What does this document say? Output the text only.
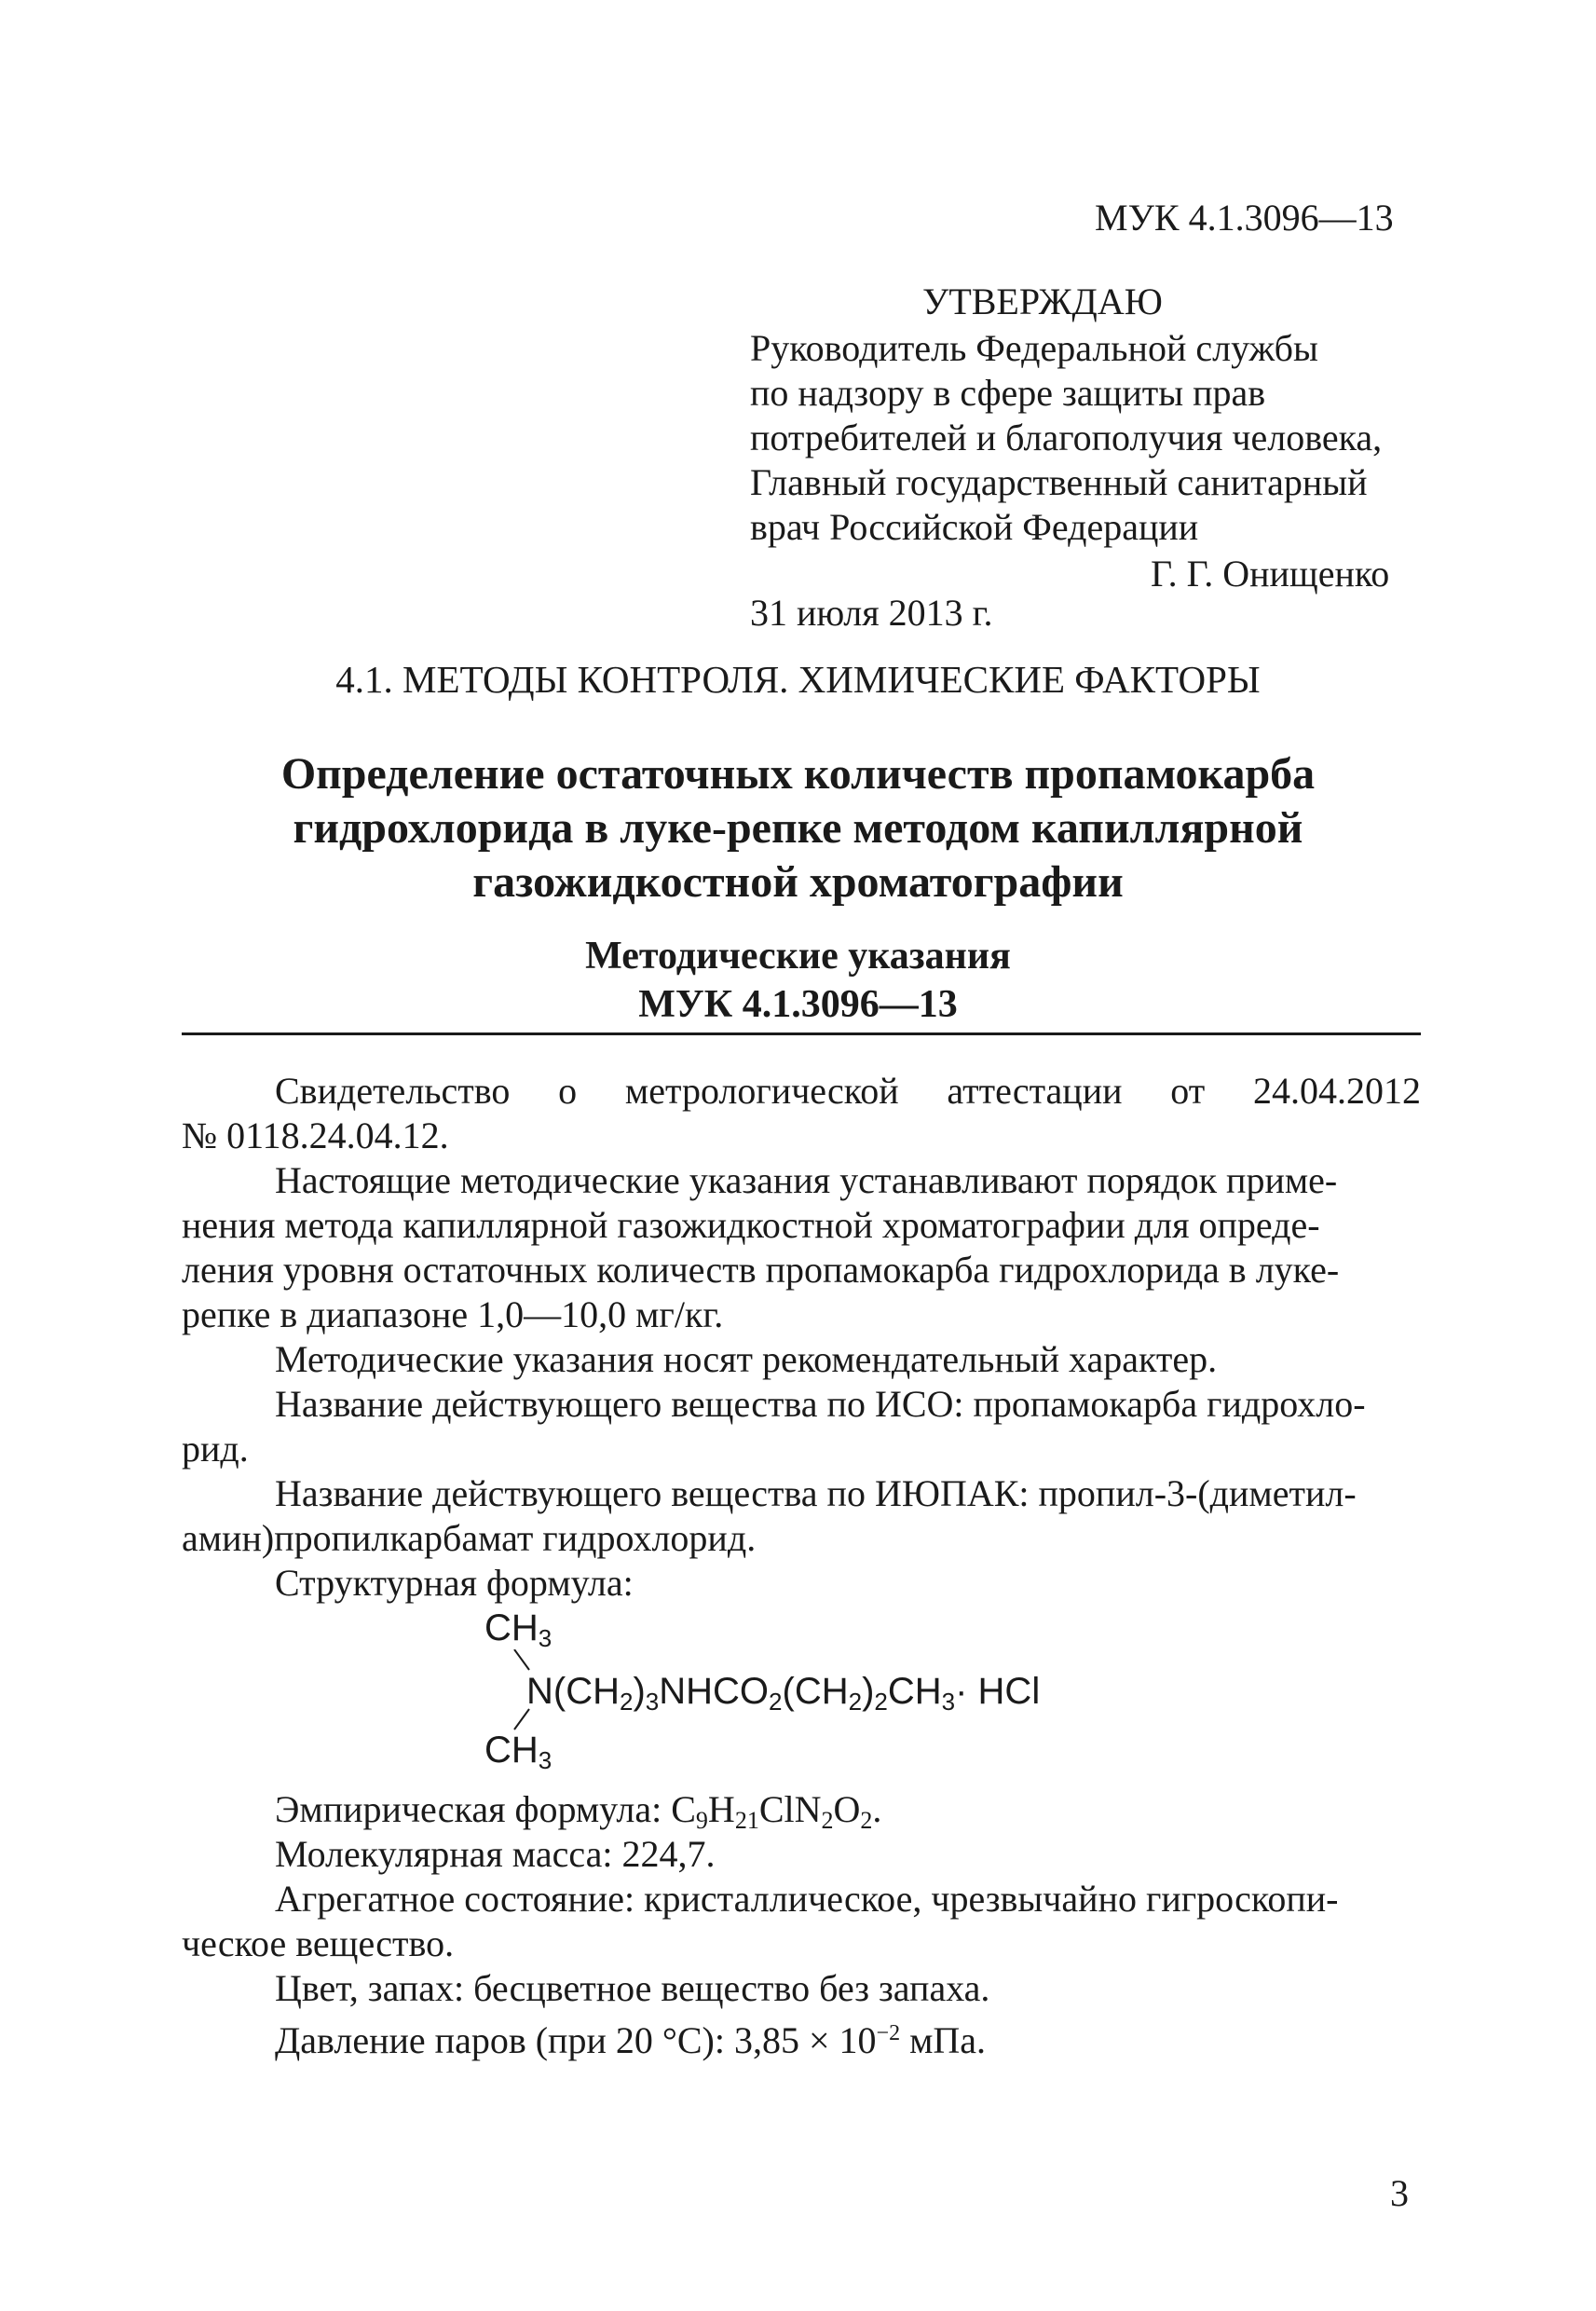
МУК 4.1.3096—13
УТВЕРЖДАЮ
Руководитель Федеральной службы
по надзору в сфере защиты прав
потребителей и благополучия человека,
Главный государственный санитарный
врач Российской Федерации
Г. Г. Онищенко
31 июля 2013 г.
4.1. МЕТОДЫ КОНТРОЛЯ. ХИМИЧЕСКИЕ ФАКТОРЫ
Определение остаточных количеств пропамокарба
гидрохлорида в луке-репке методом капиллярной
газожидкостной хроматографии
Методические указания
МУК 4.1.3096—13
Свидетельство о метрологической аттестации от 24.04.2012
№ 0118.24.04.12.
Настоящие методические указания устанавливают порядок приме-
нения метода капиллярной газожидкостной хроматографии для опреде-
ления уровня остаточных количеств пропамокарба гидрохлорида в луке-
репке в диапазоне 1,0—10,0 мг/кг.
Методические указания носят рекомендательный характер.
Название действующего вещества по ИСО: пропамокарба гидрохло-
рид.
Название действующего вещества по ИЮПАК: пропил-3-(диметил-
амин)пропилкарбамат гидрохлорид.
Структурная формула:
$CH_3$
$N(CH_2)_3NHCO_2(CH_2)_2CH_3\cdot$ HCl
$CH_3$
Эмпирическая формула: $C_9H_{21}ClN_2O_2$.
Молекулярная масса: 224,7.
Агрегатное состояние: кристаллическое, чрезвычайно гигроскопи-
ческое вещество.
Цвет, запах: бесцветное вещество без запаха.
Давление паров (при 20 °С): $3,85 \times 10^{-2}$ мПа.
3
